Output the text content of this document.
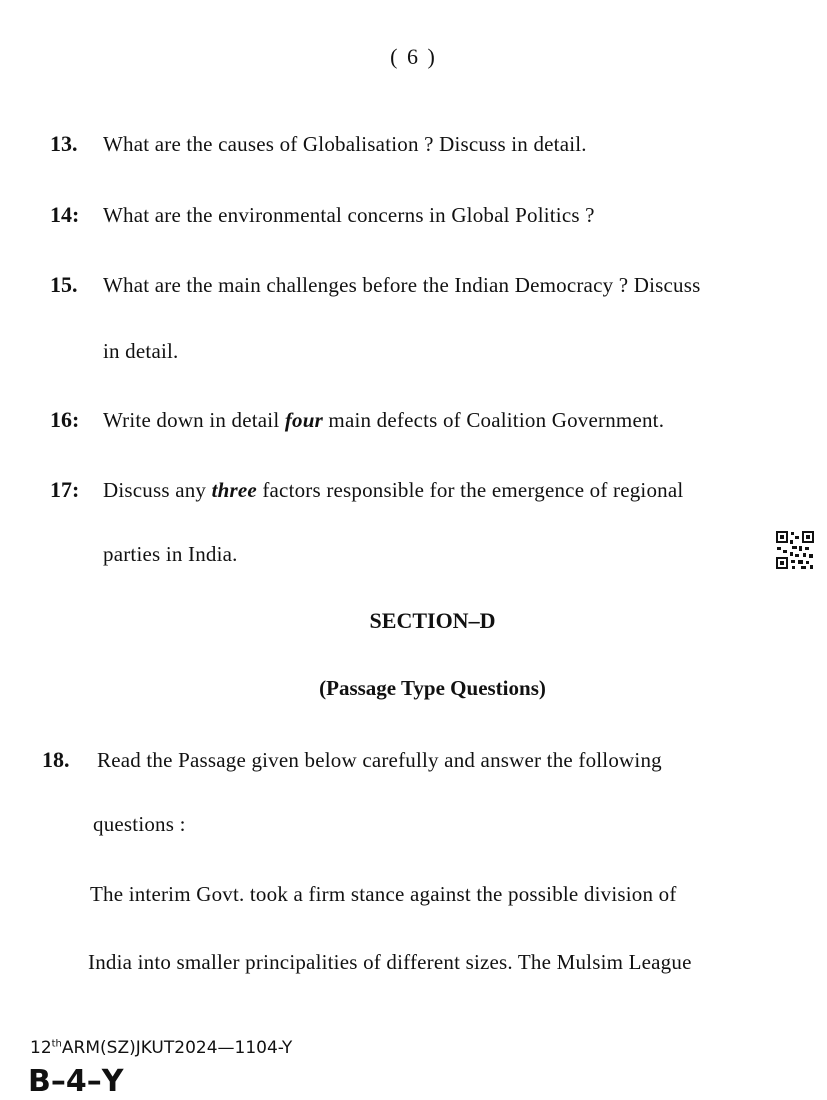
( 6 )
13. What are the causes of Globalisation ? Discuss in detail.
14: What are the environmental concerns in Global Politics ?
15. What are the main challenges before the Indian Democracy ? Discuss
in detail.
16: Write down in detail four main defects of Coalition Government.
17: Discuss any three factors responsible for the emergence of regional
parties in India.
SECTION–D
(Passage Type Questions)
18. Read the Passage given below carefully and answer the following
questions :
The interim Govt. took a firm stance against the possible division of
India into smaller principalities of different sizes. The Mulsim League
12thARM(SZ)JKUT2024—1104-Y
B–4–Y
